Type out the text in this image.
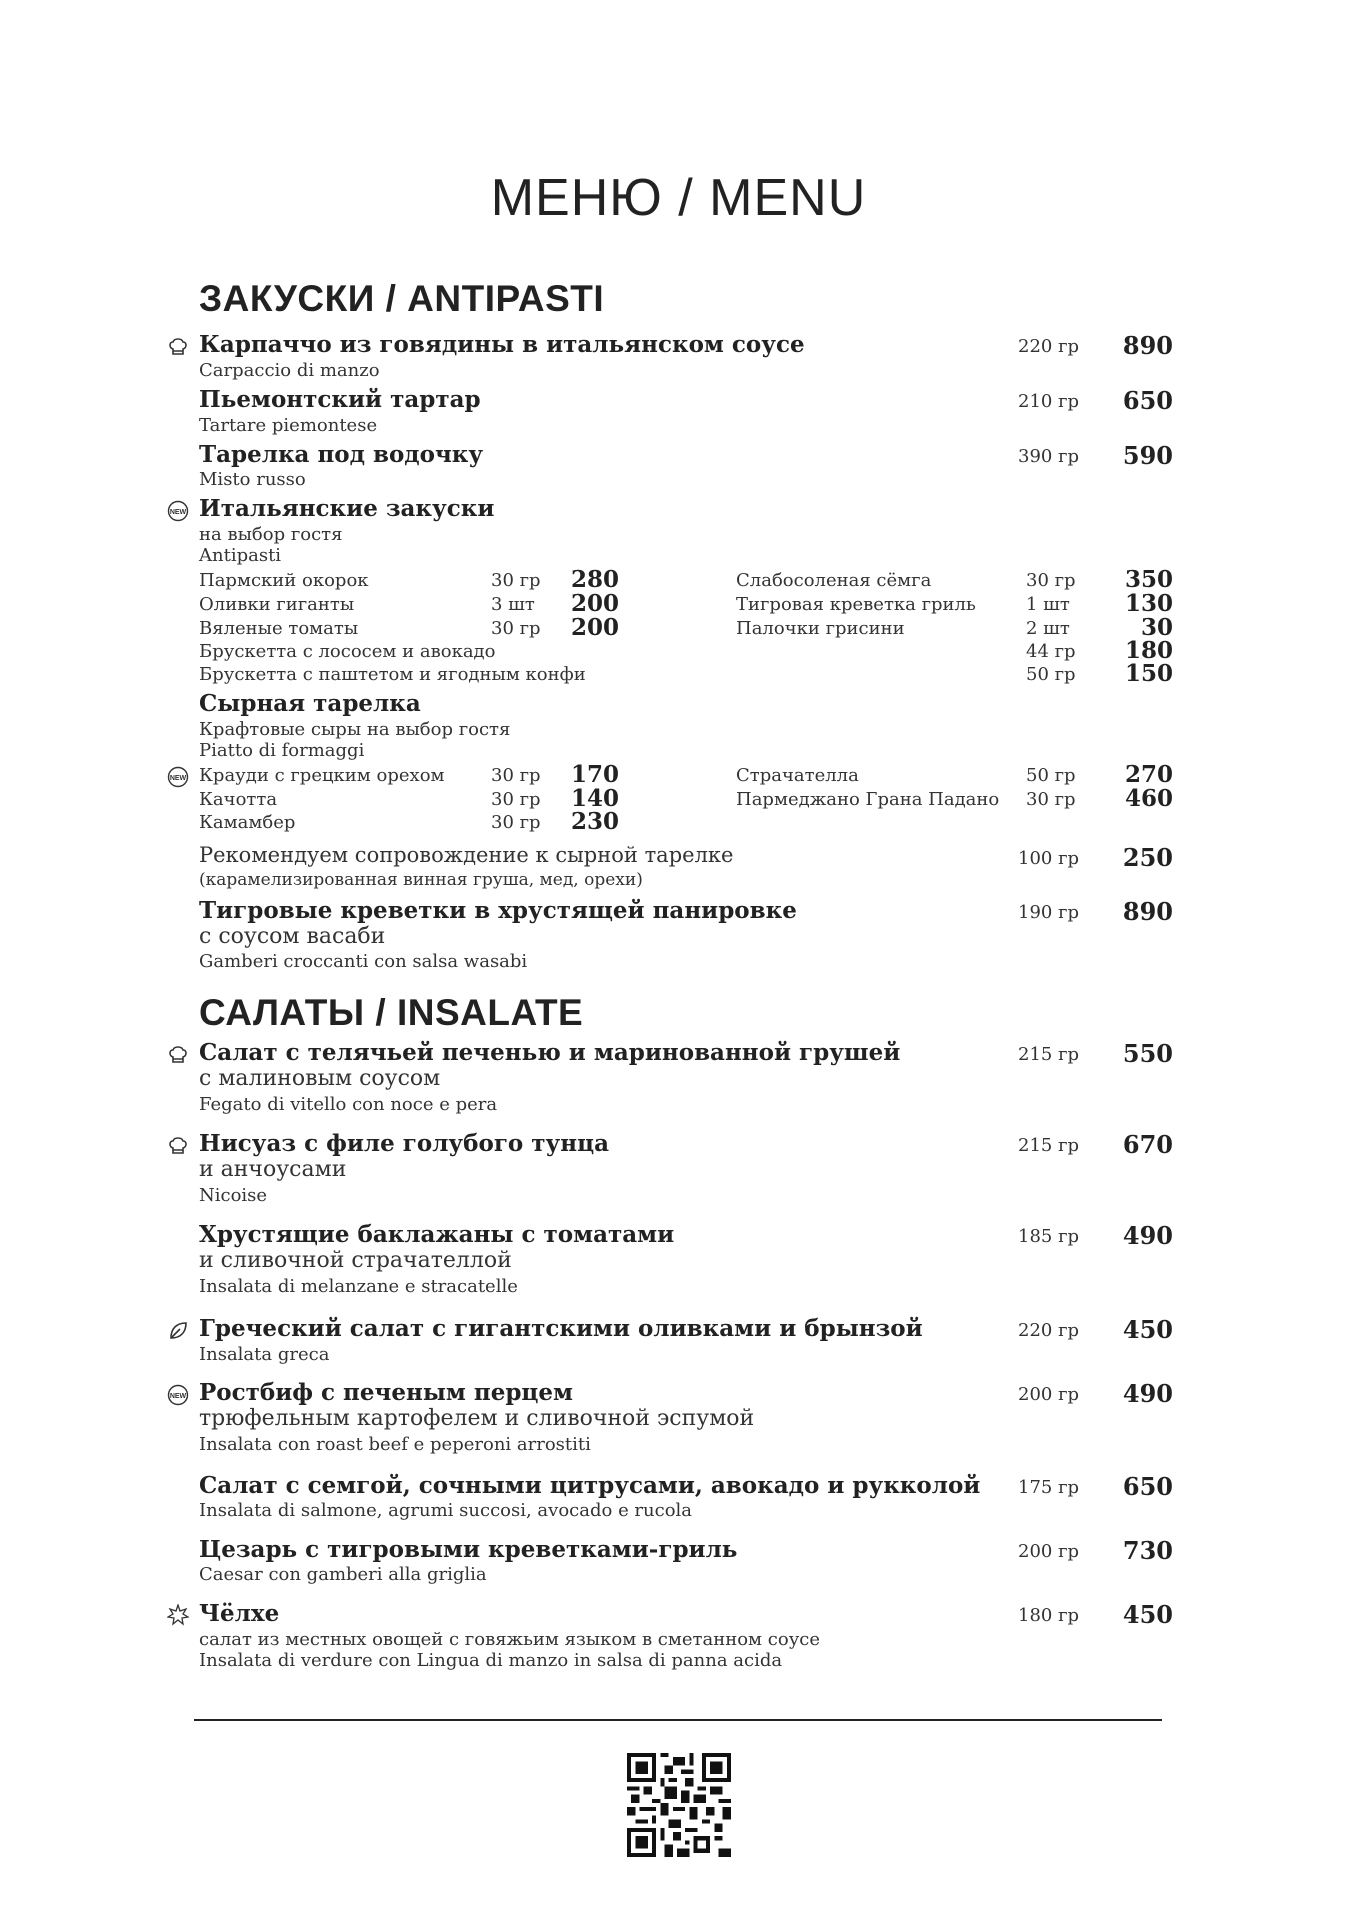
МЕНЮ / MENU
ЗАКУСКИ / ANTIPASTI
Карпаччо из говядины в итальянском соусе	220 гр	890
Carpaccio di manzo
Пьемонтский тартар	210 гр	650
Tartare piemontese
Тарелка под водочку	390 гр	590
Misto russo
NEW Итальянские закуски
на выбор гостя
Antipasti
Пармский окорок	30 гр 280	Слабосоленая сёмга	30 гр	350
Оливки гиганты	3 шт 200	Тигровая креветка гриль	1 шт	130
Вяленые томаты	30 гр 200	Палочки грисини	2 шт	30
Брускетта с лососем и авокадо	44 гр	180
Брускетта с паштетом и ягодным конфи	50 гр	150
Сырная тарелка
Крафтовые сыры на выбор гостя
Piatto di formaggi
NEW Крауди с грецким орехом	30 гр 170	Страчателла	50 гр	270
Качотта	30 гр 140	Пармеджано Грана Падано 30 гр	460
Камамбер	30 гр 230
Рекомендуем сопровождение к сырной тарелке	100 гр	250
(карамелизированная винная груша, мед, орехи)
Тигровые креветки в хрустящей панировке	190 гр	890
с соусом васаби
Gamberi croccanti con salsa wasabi
САЛАТЫ / INSALATE
Салат с телячьей печенью и маринованной грушей	215 гр	550
с малиновым соусом
Fegato di vitello con noce e pera
Нисуаз с филе голубого тунца	215 гр	670
и анчоусами
Nicoise
Хрустящие баклажаны с томатами	185 гр	490
и сливочной страчателлой
Insalata di melanzane e stracatelle
Греческий салат с гигантскими оливками и брынзой	220 гр	450
Insalata greca
NEW Ростбиф с печеным перцем	200 гр	490
трюфельным картофелем и сливочной эспумой
Insalata con roast beef e peperoni arrostiti
Салат с семгой, сочными цитрусами, авокадо и рукколой 175 гр	650
Insalata di salmone, agrumi succosi, avocado e rucola
Цезарь с тигровыми креветками-гриль	200 гр	730
Caesar con gamberi alla griglia
Чёлхе	180 гр	450
салат из местных овощей с говяжьим языком в сметанном соусе
Insalata di verdure con Lingua di manzo in salsa di panna acida
